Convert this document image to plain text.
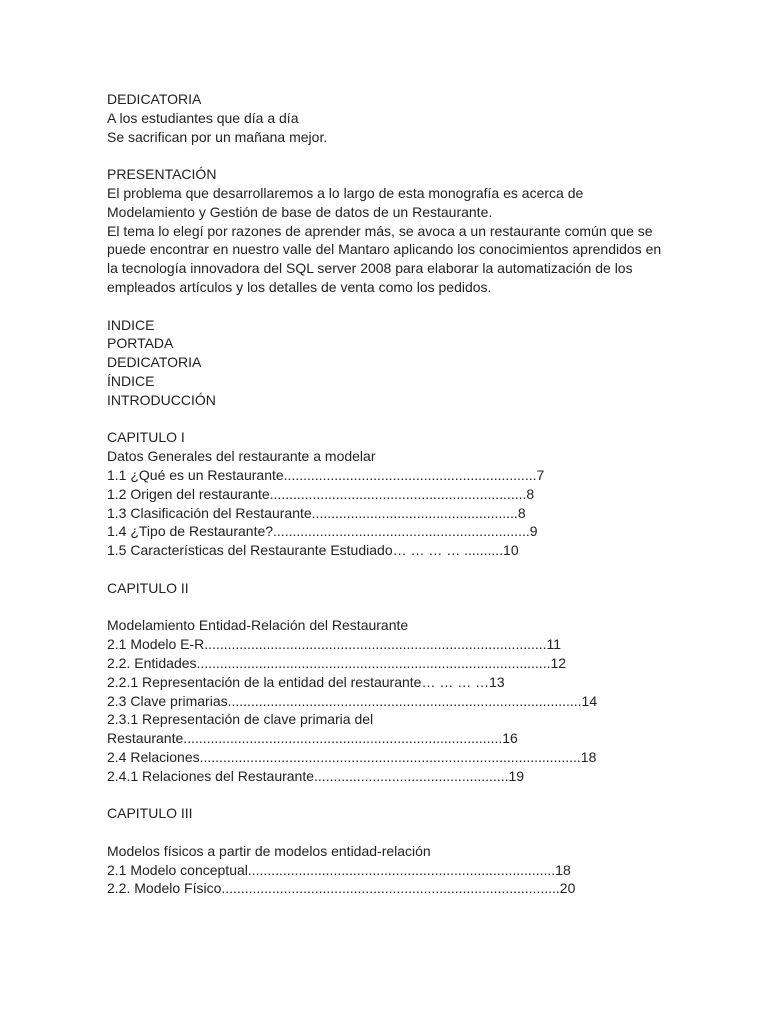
DEDICATORIA
A los estudiantes que día a día
Se sacrifican por un mañana mejor.
PRESENTACIÓN
El problema que desarrollaremos a lo largo de esta monografía es acerca de
Modelamiento y Gestión de base de datos de un Restaurante.
El tema lo elegí por razones de aprender más, se avoca a un restaurante común que se
puede encontrar en nuestro valle del Mantaro aplicando los conocimientos aprendidos en
la tecnología innovadora del SQL server 2008 para elaborar la automatización de los
empleados artículos y los detalles de venta como los pedidos.
INDICE
PORTADA
DEDICATORIA
ÍNDICE
INTRODUCCIÓN
CAPITULO I
Datos Generales del restaurante a modelar
1.1 ¿Qué es un Restaurante.................................................................7
1.2 Origen del restaurante..................................................................8
1.3 Clasificación del Restaurante.....................................................8
1.4 ¿Tipo de Restaurante?..................................................................9
1.5 Características del Restaurante Estudiado… … … … ..........10
CAPITULO II
Modelamiento Entidad-Relación del Restaurante
2.1 Modelo E-R........................................................................................11
2.2. Entidades...........................................................................................12
2.2.1 Representación de la entidad del restaurante… … … …13
2.3 Clave primarias...........................................................................................14
2.3.1 Representación de clave primaria del
Restaurante..................................................................................16
2.4 Relaciones..................................................................................................18
2.4.1 Relaciones del Restaurante..................................................19
CAPITULO III
Modelos físicos a partir de modelos entidad-relación
2.1 Modelo conceptual...............................................................................18
2.2. Modelo Físico.......................................................................................20
